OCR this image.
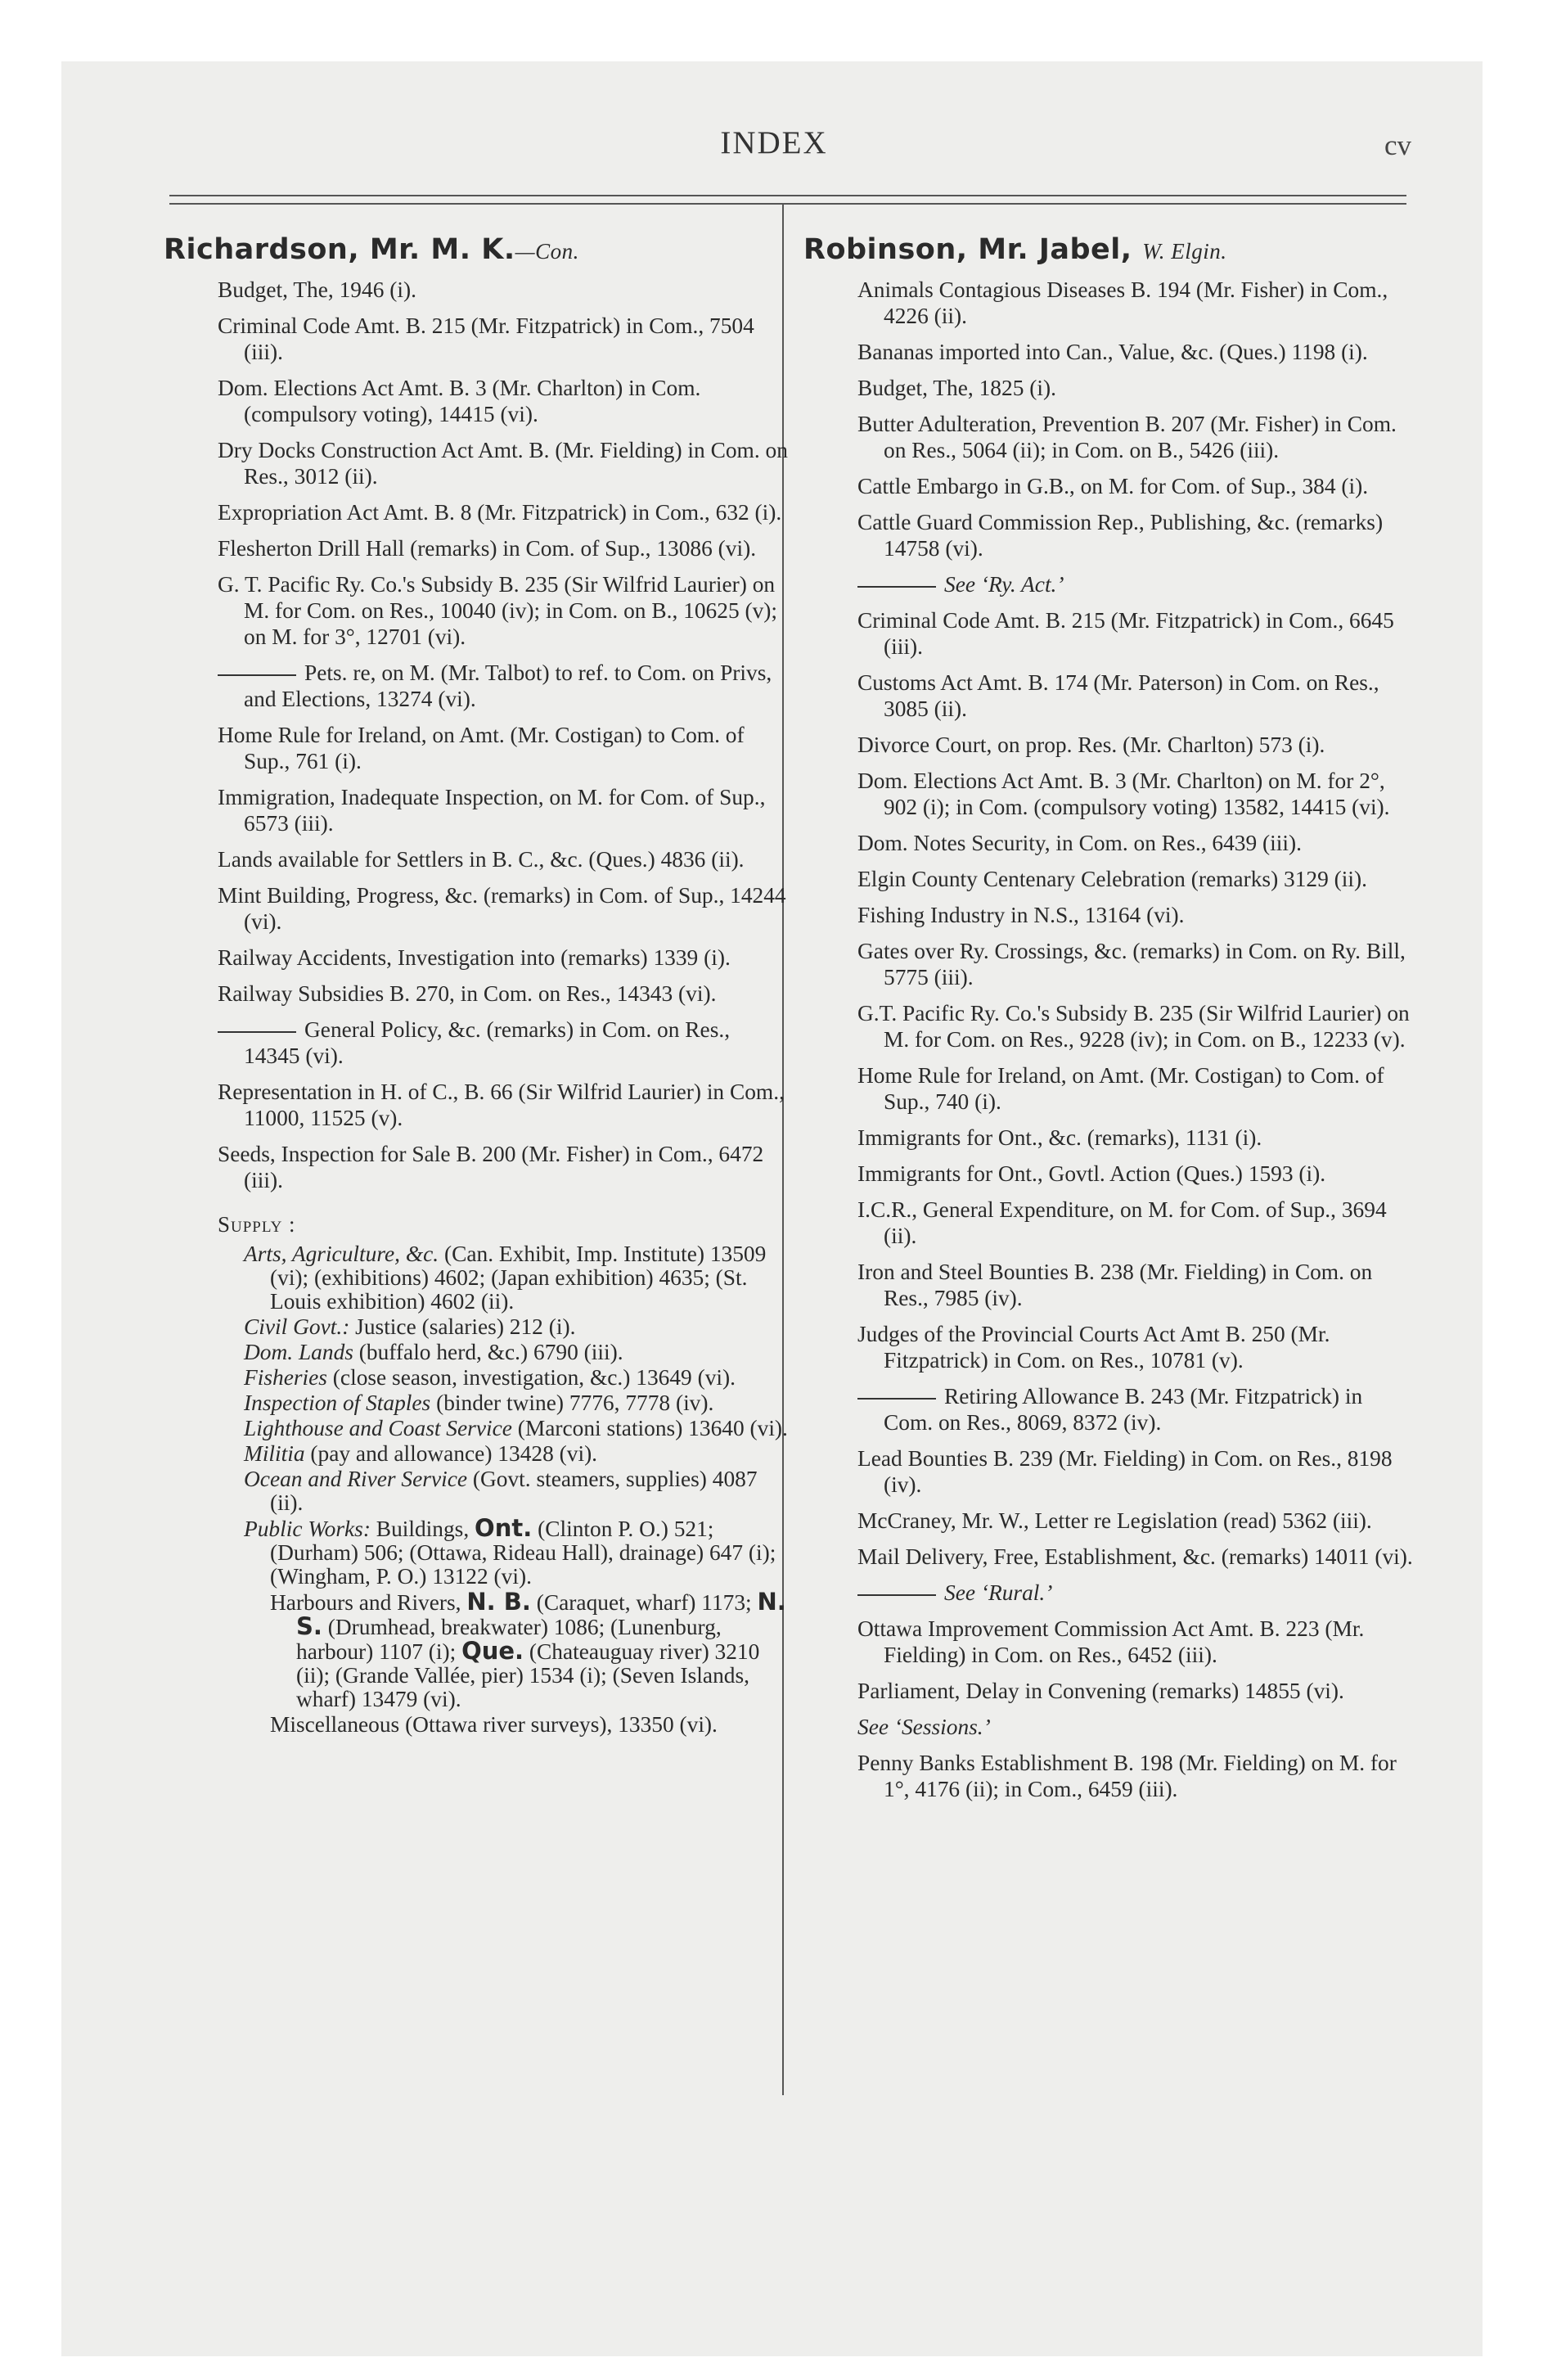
INDEX	cv
Richardson, Mr. M. K.—Con.
Budget, The, 1946 (i).
Criminal Code Amt. B. 215 (Mr. Fitzpatrick) in Com., 7504 (iii).
Dom. Elections Act Amt. B. 3 (Mr. Charlton) in Com. (compulsory voting), 14415 (vi).
Dry Docks Construction Act Amt. B. (Mr. Fielding) in Com. on Res., 3012 (ii).
Expropriation Act Amt. B. 8 (Mr. Fitzpatrick) in Com., 632 (i).
Flesherton Drill Hall (remarks) in Com. of Sup., 13086 (vi).
G. T. Pacific Ry. Co.'s Subsidy B. 235 (Sir Wilfrid Laurier) on M. for Com. on Res., 10040 (iv); in Com. on B., 10625 (v); on M. for 3°, 12701 (vi).
Pets. re, on M. (Mr. Talbot) to ref. to Com. on Privs, and Elections, 13274 (vi).
Home Rule for Ireland, on Amt. (Mr. Costigan) to Com. of Sup., 761 (i).
Immigration, Inadequate Inspection, on M. for Com. of Sup., 6573 (iii).
Lands available for Settlers in B. C., &c. (Ques.) 4836 (ii).
Mint Building, Progress, &c. (remarks) in Com. of Sup., 14244 (vi).
Railway Accidents, Investigation into (remarks) 1339 (i).
Railway Subsidies B. 270, in Com. on Res., 14343 (vi).
General Policy, &c. (remarks) in Com. on Res., 14345 (vi).
Representation in H. of C., B. 66 (Sir Wilfrid Laurier) in Com., 11000, 11525 (v).
Seeds, Inspection for Sale B. 200 (Mr. Fisher) in Com., 6472 (iii).
Supply :
Arts, Agriculture, &c. (Can. Exhibit, Imp. Institute) 13509 (vi); (exhibitions) 4602; (Japan exhibition) 4635; (St. Louis exhibition) 4602 (ii).
Civil Govt.: Justice (salaries) 212 (i).
Dom. Lands (buffalo herd, &c.) 6790 (iii).
Fisheries (close season, investigation, &c.) 13649 (vi).
Inspection of Staples (binder twine) 7776, 7778 (iv).
Lighthouse and Coast Service (Marconi stations) 13640 (vi).
Militia (pay and allowance) 13428 (vi).
Ocean and River Service (Govt. steamers, supplies) 4087 (ii).
Public Works: Buildings, Ont. (Clinton P. O.) 521; (Durham) 506; (Ottawa, Rideau Hall), drainage) 647 (i); (Wingham, P. O.) 13122 (vi).
Harbours and Rivers, N. B. (Caraquet, wharf) 1173; N. S. (Drumhead, breakwater) 1086; (Lunenburg, harbour) 1107 (i); Que. (Chateauguay river) 3210 (ii); (Grande Vallée, pier) 1534 (i); (Seven Islands, wharf) 13479 (vi).
Miscellaneous (Ottawa river surveys), 13350 (vi).
Robinson, Mr. Jabel, W. Elgin.
Animals Contagious Diseases B. 194 (Mr. Fisher) in Com., 4226 (ii).
Bananas imported into Can., Value, &c. (Ques.) 1198 (i).
Budget, The, 1825 (i).
Butter Adulteration, Prevention B. 207 (Mr. Fisher) in Com. on Res., 5064 (ii); in Com. on B., 5426 (iii).
Cattle Embargo in G.B., on M. for Com. of Sup., 384 (i).
Cattle Guard Commission Rep., Publishing, &c. (remarks) 14758 (vi).
See ‘Ry. Act.’
Criminal Code Amt. B. 215 (Mr. Fitzpatrick) in Com., 6645 (iii).
Customs Act Amt. B. 174 (Mr. Paterson) in Com. on Res., 3085 (ii).
Divorce Court, on prop. Res. (Mr. Charlton) 573 (i).
Dom. Elections Act Amt. B. 3 (Mr. Charlton) on M. for 2°, 902 (i); in Com. (compulsory voting) 13582, 14415 (vi).
Dom. Notes Security, in Com. on Res., 6439 (iii).
Elgin County Centenary Celebration (remarks) 3129 (ii).
Fishing Industry in N.S., 13164 (vi).
Gates over Ry. Crossings, &c. (remarks) in Com. on Ry. Bill, 5775 (iii).
G.T. Pacific Ry. Co.'s Subsidy B. 235 (Sir Wilfrid Laurier) on M. for Com. on Res., 9228 (iv); in Com. on B., 12233 (v).
Home Rule for Ireland, on Amt. (Mr. Costigan) to Com. of Sup., 740 (i).
Immigrants for Ont., &c. (remarks), 1131 (i).
Immigrants for Ont., Govtl. Action (Ques.) 1593 (i).
I.C.R., General Expenditure, on M. for Com. of Sup., 3694 (ii).
Iron and Steel Bounties B. 238 (Mr. Fielding) in Com. on Res., 7985 (iv).
Judges of the Provincial Courts Act Amt B. 250 (Mr. Fitzpatrick) in Com. on Res., 10781 (v).
Retiring Allowance B. 243 (Mr. Fitzpatrick) in Com. on Res., 8069, 8372 (iv).
Lead Bounties B. 239 (Mr. Fielding) in Com. on Res., 8198 (iv).
McCraney, Mr. W., Letter re Legislation (read) 5362 (iii).
Mail Delivery, Free, Establishment, &c. (remarks) 14011 (vi).
See ‘Rural.’
Ottawa Improvement Commission Act Amt. B. 223 (Mr. Fielding) in Com. on Res., 6452 (iii).
Parliament, Delay in Convening (remarks) 14855 (vi).
See ‘Sessions.’
Penny Banks Establishment B. 198 (Mr. Fielding) on M. for 1°, 4176 (ii); in Com., 6459 (iii).
